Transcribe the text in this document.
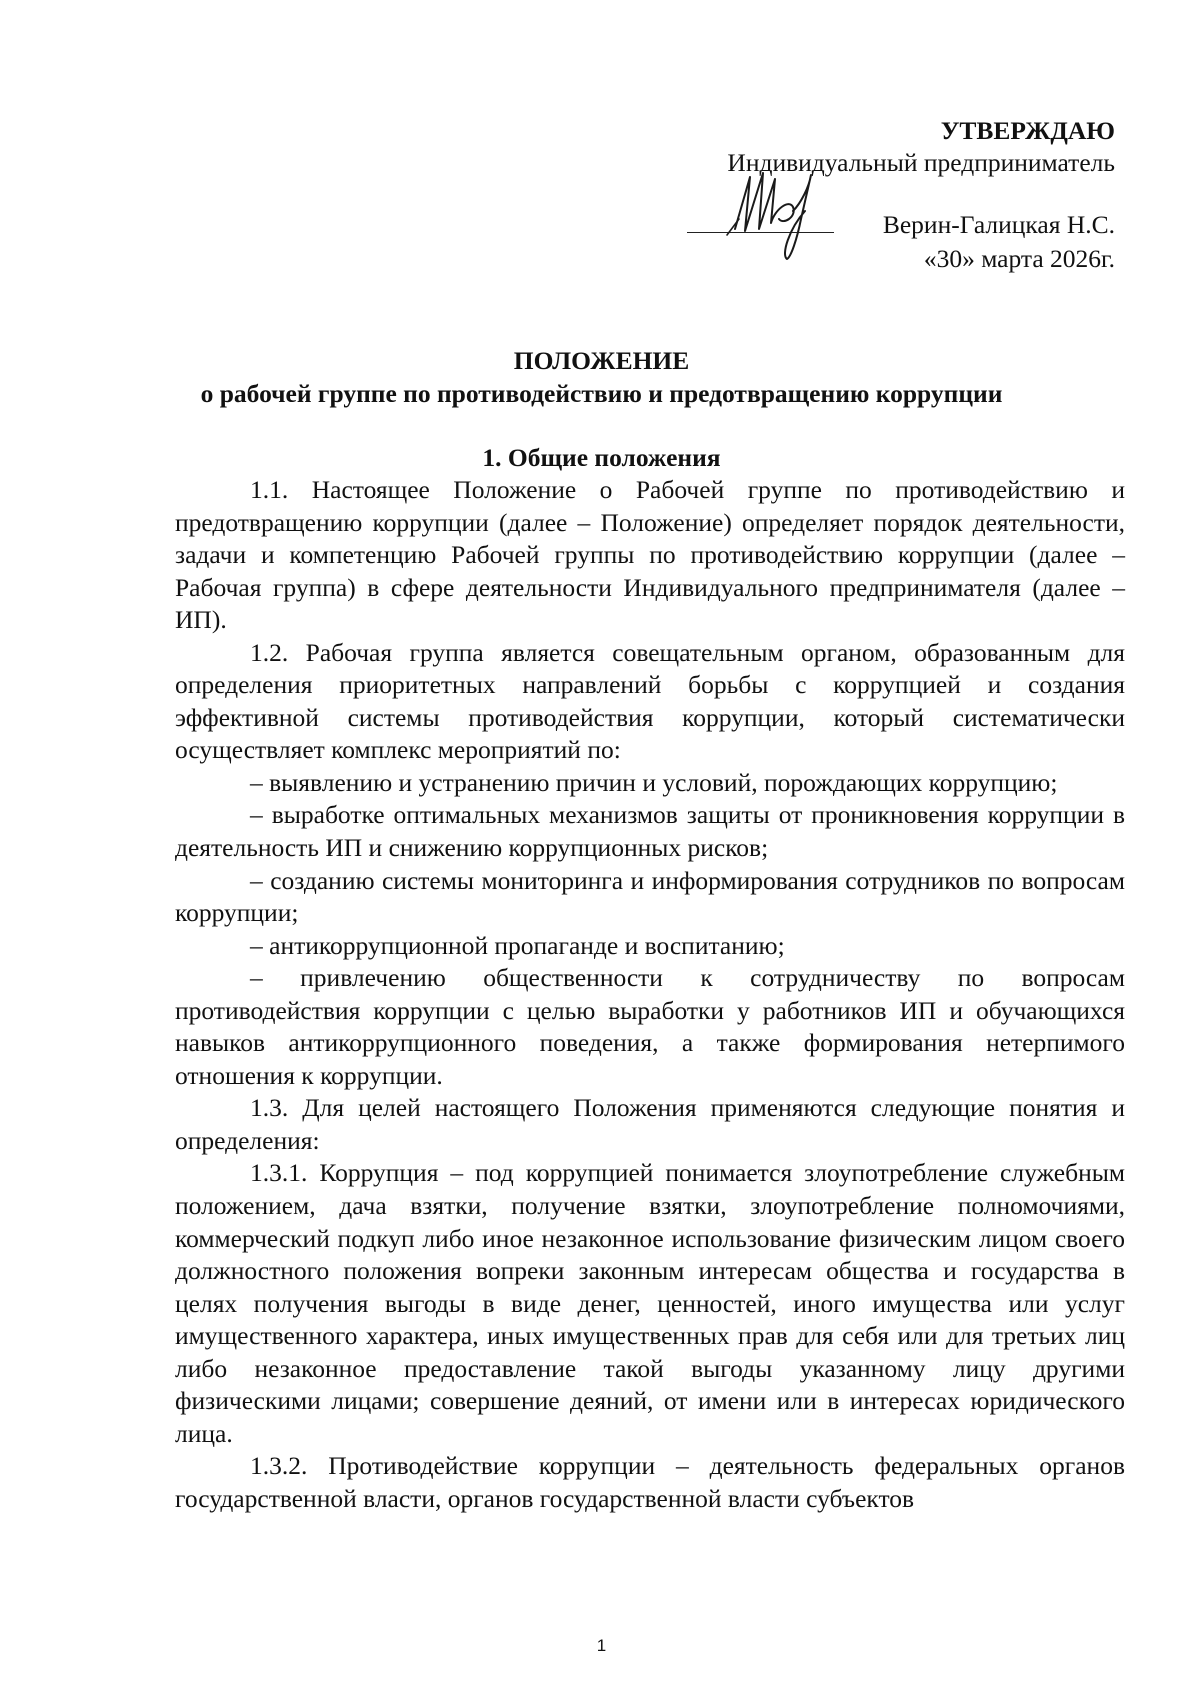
УТВЕРЖДАЮ
Индивидуальный предприниматель
Верин-Галицкая Н.С.
«30» марта 2026г.
ПОЛОЖЕНИЕ
о рабочей группе по противодействию и предотвращению коррупции
1. Общие положения

1.1. Настоящее Положение о Рабочей группе по противодействию и предотвращению коррупции (далее – Положение) определяет порядок деятельности, задачи и компетенцию Рабочей группы по противодействию коррупции (далее – Рабочая группа) в сфере деятельности Индивидуального предпринимателя (далее – ИП).

1.2. Рабочая группа является совещательным органом, образованным для определения приоритетных направлений борьбы с коррупцией и создания эффективной системы противодействия коррупции, который систематически осуществляет комплекс мероприятий по:

– выявлению и устранению причин и условий, порождающих коррупцию;

– выработке оптимальных механизмов защиты от проникновения коррупции в деятельность ИП и снижению коррупционных рисков;

– созданию системы мониторинга и информирования сотрудников по вопросам коррупции;

– антикоррупционной пропаганде и воспитанию;

– привлечению общественности к сотрудничеству по вопросам противодействия коррупции с целью выработки у работников ИП и обучающихся навыков антикоррупционного поведения, а также формирования нетерпимого отношения к коррупции.

1.3. Для целей настоящего Положения применяются следующие понятия и определения:

1.3.1. Коррупция – под коррупцией понимается злоупотребление служебным положением, дача взятки, получение взятки, злоупотребление полномочиями, коммерческий подкуп либо иное незаконное использование физическим лицом своего должностного положения вопреки законным интересам общества и государства в целях получения выгоды в виде денег, ценностей, иного имущества или услуг имущественного характера, иных имущественных прав для себя или для третьих лиц либо незаконное предоставление такой выгоды указанному лицу другими физическими лицами; совершение деяний, от имени или в интересах юридического лица.

1.3.2. Противодействие коррупции – деятельность федеральных органов государственной власти, органов государственной власти субъектов

1
